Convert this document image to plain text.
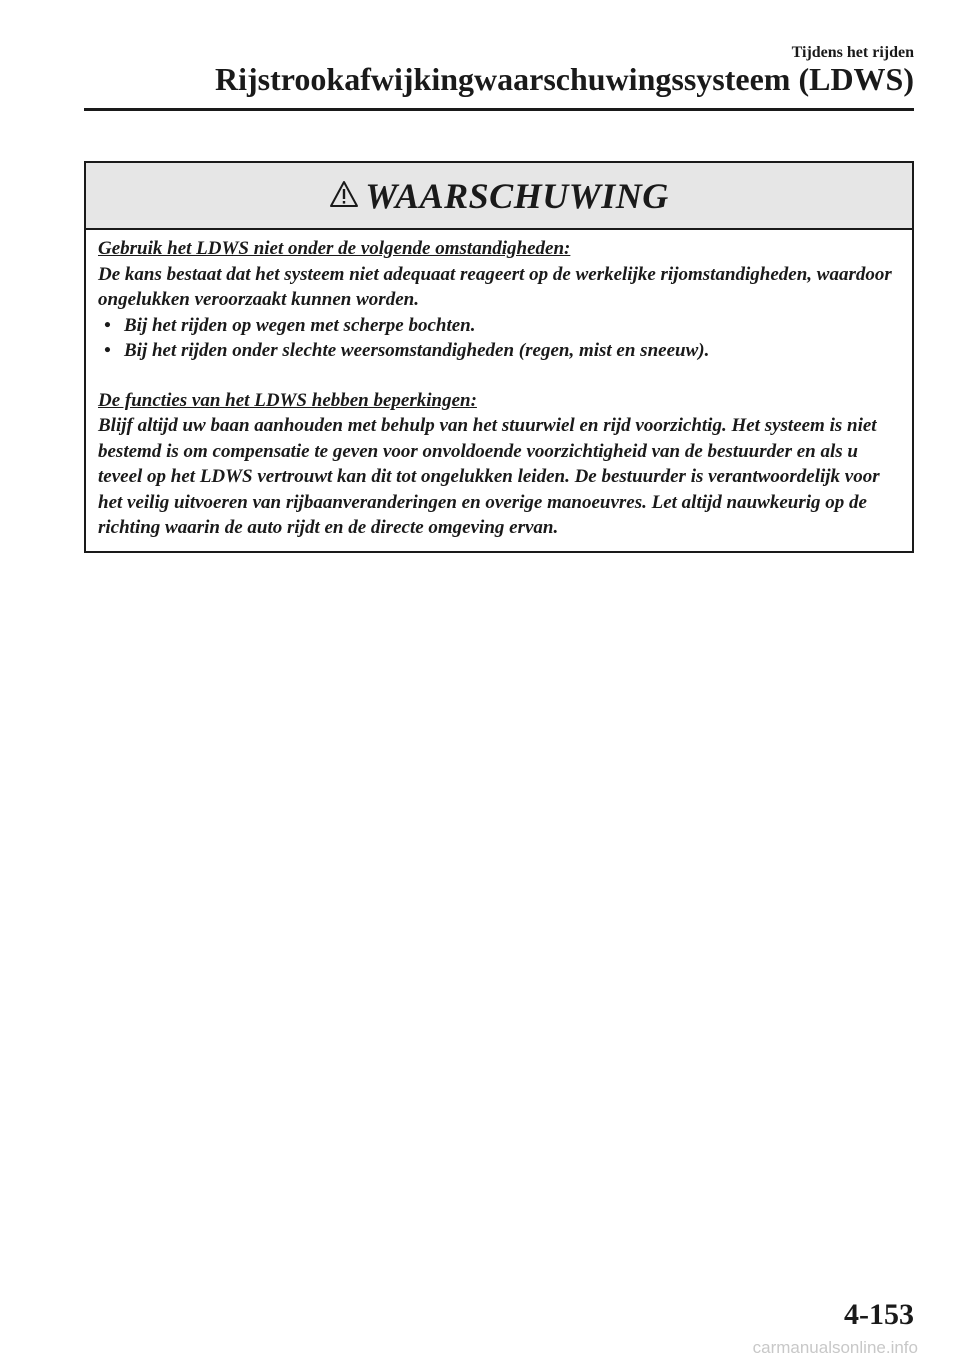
Tijdens het rijden
Rijstrookafwijkingwaarschuwingssysteem (LDWS)
WAARSCHUWING

Gebruik het LDWS niet onder de volgende omstandigheden:

De kans bestaat dat het systeem niet adequaat reageert op de werkelijke rijomstandigheden, waardoor ongelukken veroorzaakt kunnen worden.

• Bij het rijden op wegen met scherpe bochten.
• Bij het rijden onder slechte weersomstandigheden (regen, mist en sneeuw).

De functies van het LDWS hebben beperkingen:

Blijf altijd uw baan aanhouden met behulp van het stuurwiel en rijd voorzichtig. Het systeem is niet bestemd is om compensatie te geven voor onvoldoende voorzichtigheid van de bestuurder en als u teveel op het LDWS vertrouwt kan dit tot ongelukken leiden. De bestuurder is verantwoordelijk voor het veilig uitvoeren van rijbaanveranderingen en overige manoeuvres. Let altijd nauwkeurig op de richting waarin de auto rijdt en de directe omgeving ervan.

4-153
carmanualsonline.info
